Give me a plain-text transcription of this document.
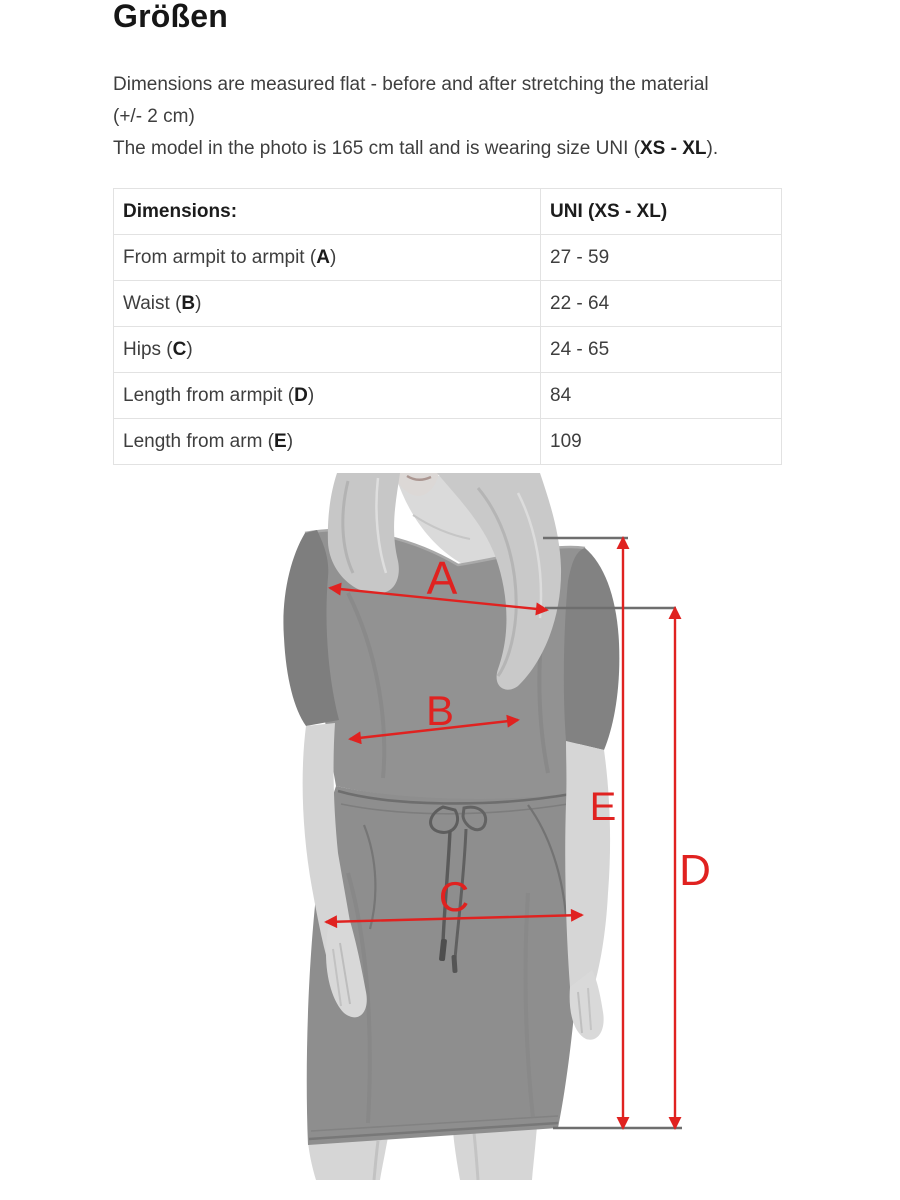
Größen
Dimensions are measured flat - before and after stretching the material
(+/- 2 cm)
The model in the photo is 165 cm tall and is wearing size UNI (XS - XL).
Dimensions:	UNI (XS - XL)
From armpit to armpit (A)	27 - 59
Waist (B)	22 - 64
Hips (C)	24 - 65
Length from armpit (D)	84
Length from arm (E)	109
A
B
C
E
D
